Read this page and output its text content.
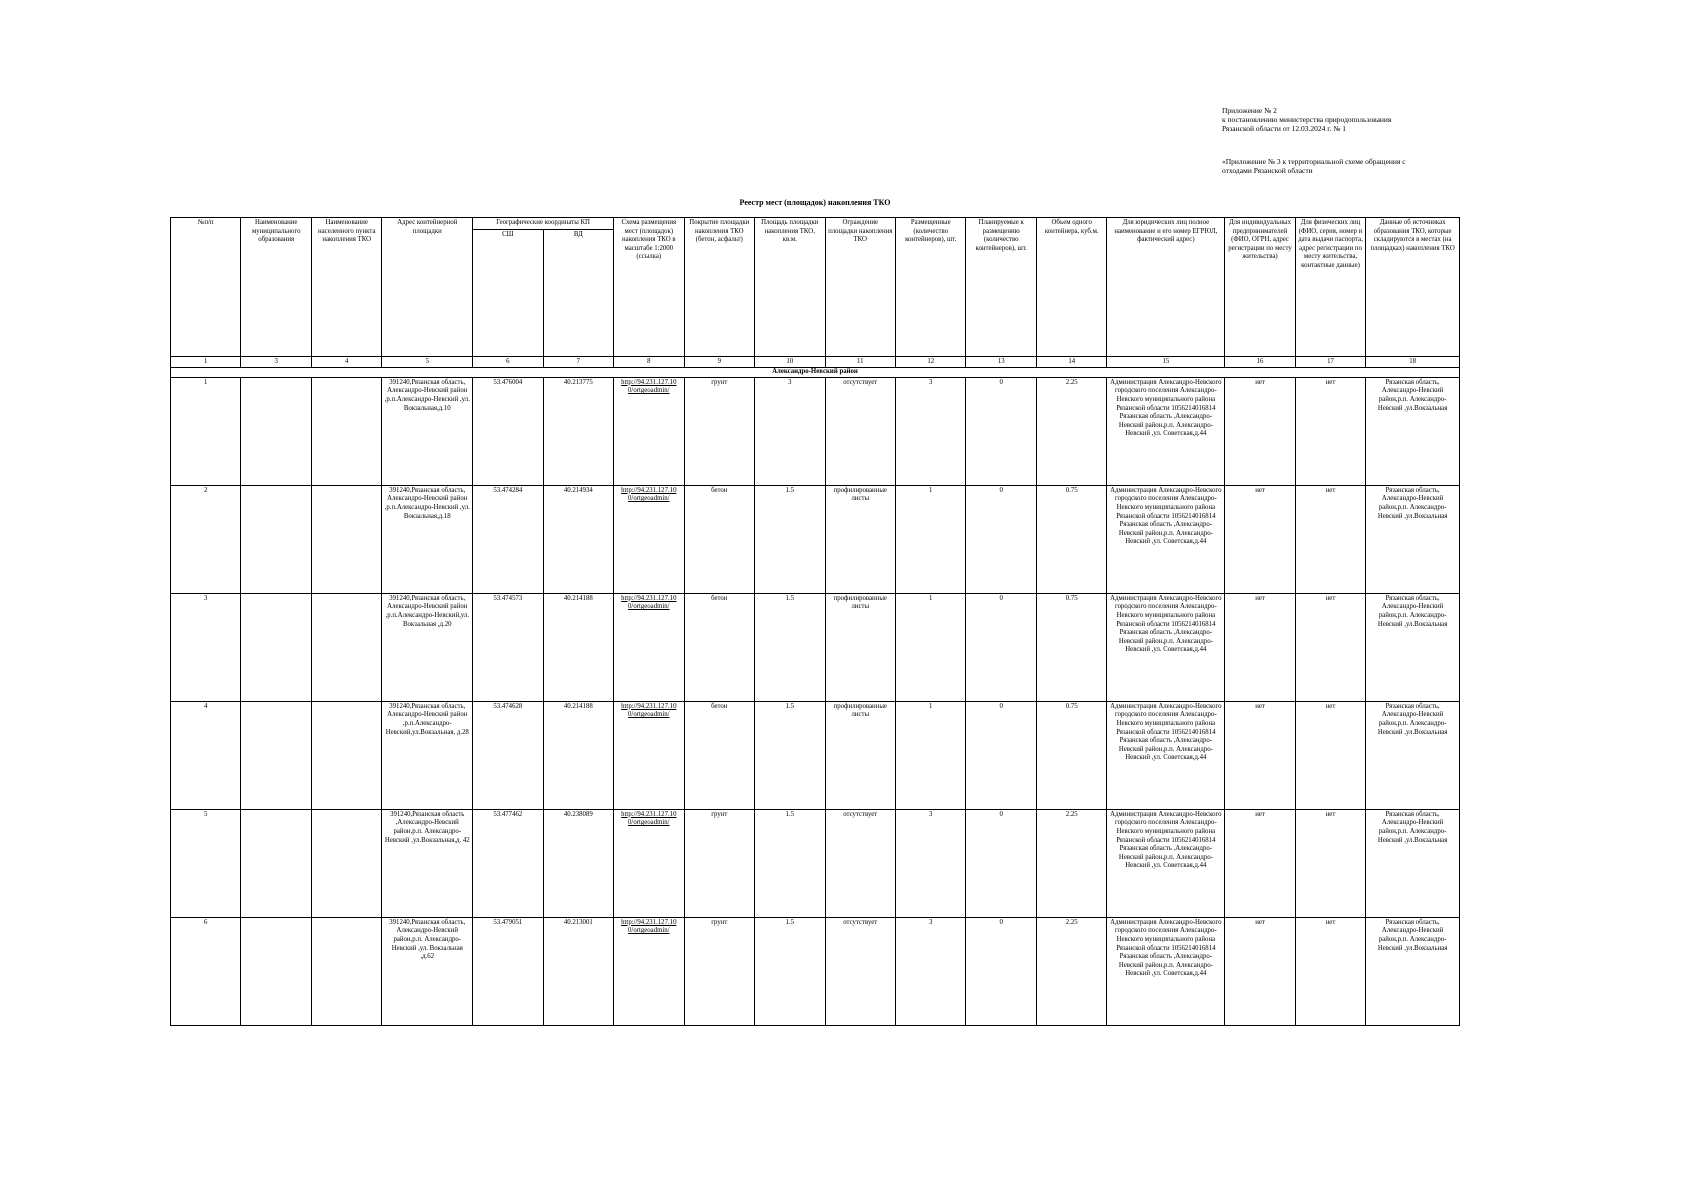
Приложение № 2
к постановлению министерства природопользования
Рязанской области от 12.03.2024 г. № 1
«Приложение № 3 к территориальной схеме обращения с
отходами Рязанской области
Реестр мест (площадок) накопления ТКО
№п/п	Наименование муниципального образования	Наименование населенного пункта накопления ТКО	Адрес контейнерной площадки	Географические координаты КП		Схема размещения мест (площадок) накопления ТКО в масштабе 1:2000 (ссылка)	Покрытие площадки накопления ТКО (бетон, асфальт)	Площадь площадки накопления ТКО, кв.м.	Ограждение площадки накопления ТКО	Размещенные (количество контейнеров), шт.	Планируемые к размещению (количество контейнеров), шт.	Объем одного контейнера, куб.м.	Для юридических лиц полное наименование и его номер ЕГРЮЛ, фактический адрес)	Для индивидуальных предпринимателей (ФИО, ОГРН, адрес регистрации по месту жительства)	Для физических лиц (ФИО, серия, номер и дата выдачи паспорта, адрес регистрации по месту жительства, контактные данные)	Данные об источниках образования ТКО, которые складируются в местах (на площадках) накопления ТКО
				СШ	ВД											
1	3	4	5	6	7	8	9	10	11	12	13	14	15	16	17	18
Александро-Невский район																
1			391240,Рязанская область, Александро-Невский район ,р.п.Александро-Невский ,ул. Вокзальная,д.10	53.476004	40.213775	http://94.231.127.10 0/ortgeoadmin/	грунт	3	отсутствует	3	0	2.25	Администрация Александро-Невского городского поселения Александро-Невского муниципального района Рязанской области 1056214016814 Рязанская область ,Александро-Невский район,р.п. Александро-Невский ,ул. Советская,д.44	нет	нет	Рязанская область, Александро-Невский район,р.п. Александро-Невский ,ул.Вокзальная
2			391240,Рязанская область, Александро-Невский район ,р.п.Александро-Невский ,ул. Вокзальная,д.18	53.474284	40.214934	http://94.231.127.10 0/ortgeoadmin/	бетон	1.5	профилированные листы	1	0	0.75	Администрация Александро-Невского городского поселения Александро-Невского муниципального района Рязанской области 1056214016814 Рязанская область ,Александро-Невский район,р.п. Александро-Невский ,ул. Советская,д.44	нет	нет	Рязанская область, Александро-Невский район,р.п. Александро-Невский ,ул.Вокзальная
3			391240,Рязанская область, Александро-Невский район ,р.п.Александро-Невский,ул. Вокзальная ,д.20	53.474573	40.214188	http://94.231.127.10 0/ortgeoadmin/	бетон	1.5	профилированные листы	1	0	0.75	Администрация Александро-Невского городского поселения Александро-Невского муниципального района Рязанской области 1056214016814 Рязанская область ,Александро-Невский район,р.п. Александро-Невский ,ул. Советская,д.44	нет	нет	Рязанская область, Александро-Невский район,р.п. Александро-Невский ,ул.Вокзальная
4			391240,Рязанская область, Александро-Невский район ,р.п.Александро-Невский,ул.Вокзальная, д.28	53.474628	40.214188	http://94.231.127.10 0/ortgeoadmin/	бетон	1.5	профилированные листы	1	0	0.75	Администрация Александро-Невского городского поселения Александро-Невского муниципального района Рязанской области 1056214016814 Рязанская область ,Александро-Невский район,р.п. Александро-Невский ,ул. Советская,д.44	нет	нет	Рязанская область, Александро-Невский район,р.п. Александро-Невский ,ул.Вокзальная
5			391240,Рязанская область ,Александро-Невский район,р.п. Александро-Невский ,ул.Вокзальная,д. 42	53.477462	40.238089	http://94.231.127.10 0/ortgeoadmin/	грунт	1.5	отсутствует	3	0	2.25	Администрация Александро-Невского городского поселения Александро-Невского муниципального района Рязанской области 1056214016814 Рязанская область ,Александро-Невский район,р.п. Александро-Невский ,ул. Советская,д.44	нет	нет	Рязанская область, Александро-Невский район,р.п. Александро-Невский ,ул.Вокзальная
6			391240,Рязанская область, Александро-Невский район,р.п. Александро-Невский ,ул. Вокзальная ,д.62	53.479051	40.213001	http://94.231.127.10 0/ortgeoadmin/	грунт	1.5	отсутствует	3	0	2.25	Администрация Александро-Невского городского поселения Александро-Невского муниципального района Рязанской области 1056214016814 Рязанская область ,Александро-Невский район,р.п. Александро-Невский ,ул. Советская,д.44	нет	нет	Рязанская область, Александро-Невский район,р.п. Александро-Невский ,ул.Вокзальная
